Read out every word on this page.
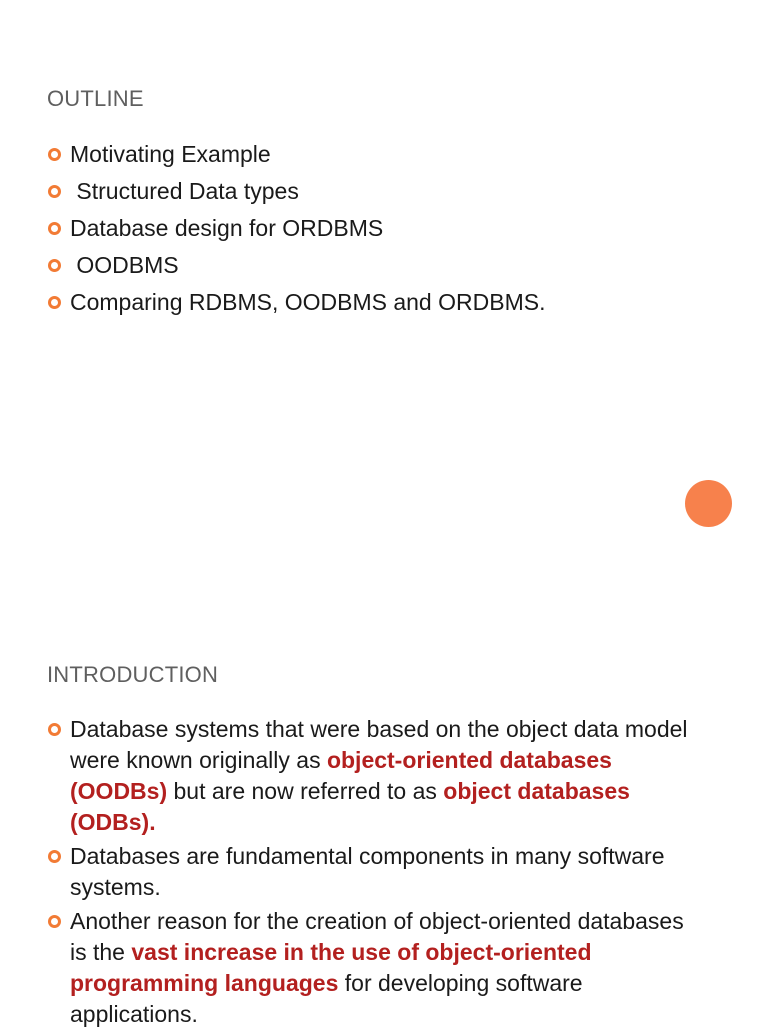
OUTLINE
Motivating Example
Structured Data types
Database design for ORDBMS
OODBMS
Comparing RDBMS, OODBMS and ORDBMS.
INTRODUCTION
Database systems that were based on the object data model were known originally as object-oriented databases (OODBs) but are now referred to as object databases (ODBs).
Databases are fundamental components in many software systems.
Another reason for the creation of object-oriented databases is the vast increase in the use of object-oriented programming languages for developing software applications.
